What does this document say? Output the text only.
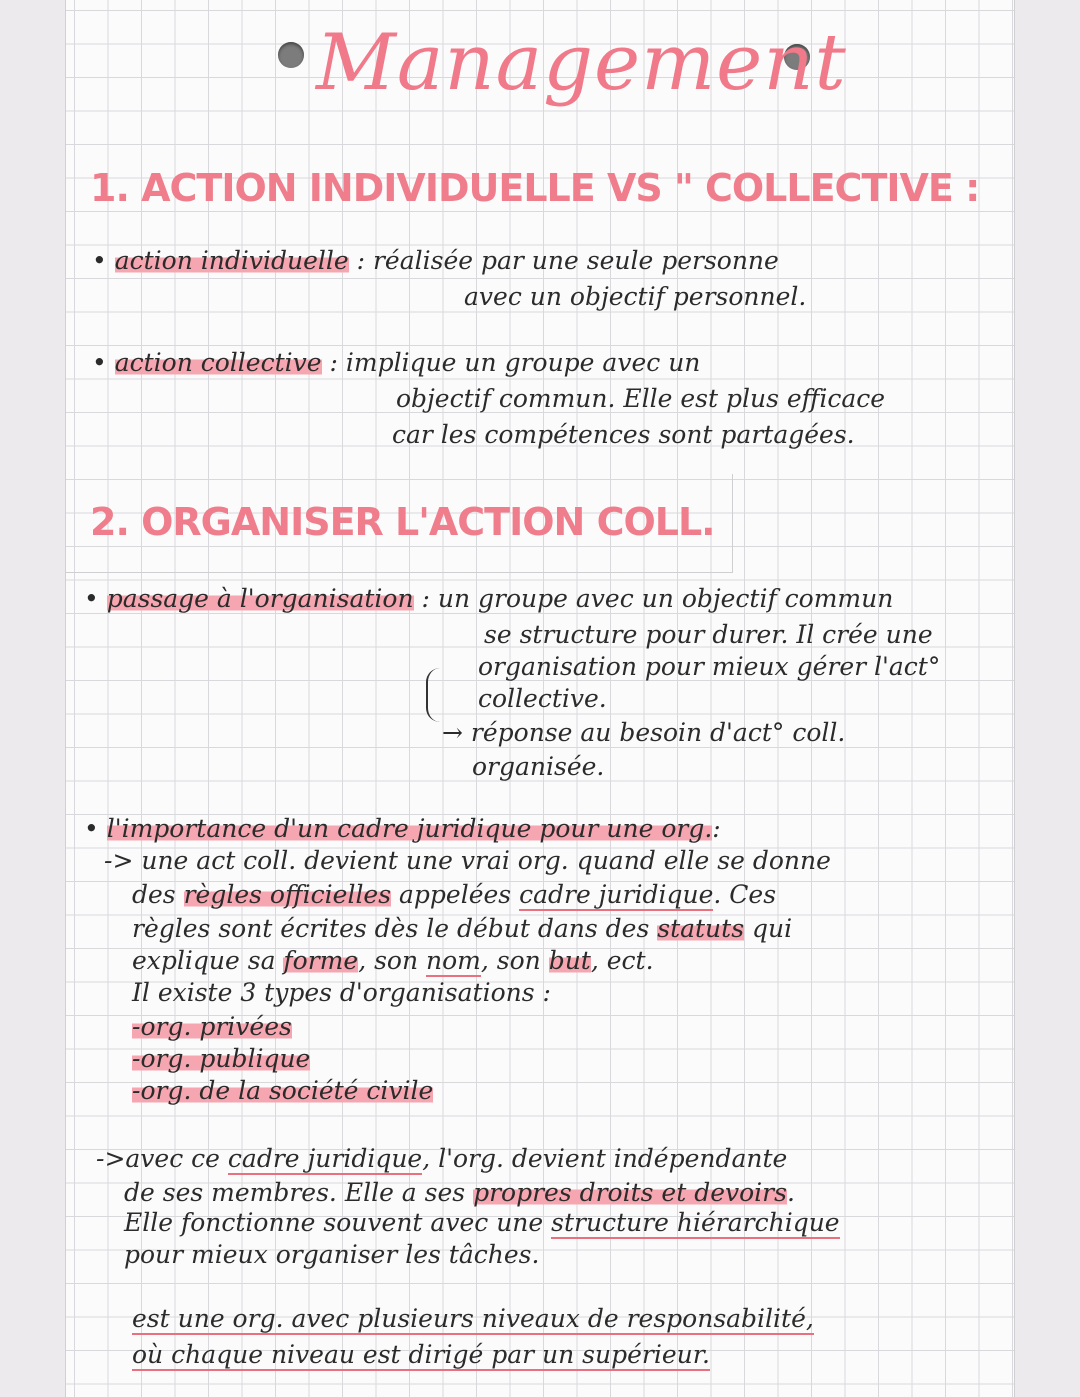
Management
1. ACTION INDIVIDUELLE VS " COLLECTIVE :
• action individuelle : réalisée par une seule personne
avec un objectif personnel.
• action collective : implique un groupe avec un
objectif commun. Elle est plus efficace
car les compétences sont partagées.
2. ORGANISER L'ACTION COLL.
• passage à l'organisation : un groupe avec un objectif commun
se structure pour durer. Il crée une
organisation pour mieux gérer l'act°
collective.
→ réponse au besoin d'act° coll.
organisée.
• l'importance d'un cadre juridique pour une org.:
-> une act coll. devient une vrai org. quand elle se donne
des règles officielles appelées cadre juridique. Ces
règles sont écrites dès le début dans des statuts qui
explique sa forme, son nom, son but, ect.
Il existe 3 types d'organisations :
-org. privées
-org. publique
-org. de la société civile
->avec ce cadre juridique, l'org. devient indépendante
de ses membres. Elle a ses propres droits et devoirs.
Elle fonctionne souvent avec une structure hiérarchique
pour mieux organiser les tâches.
est une org. avec plusieurs niveaux de responsabilité,
où chaque niveau est dirigé par un supérieur.
